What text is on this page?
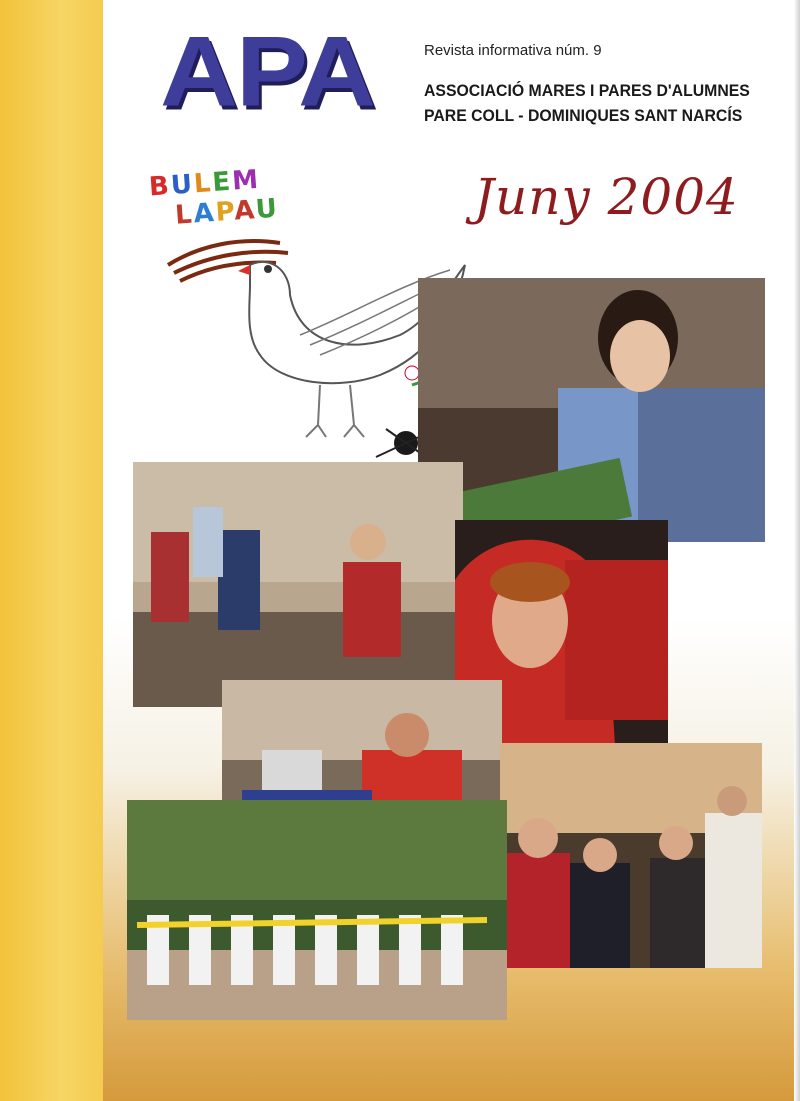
APA	Revista informativa núm. 9
ASSOCIACIÓ MARES I PARES D'ALUMNES
PARE COLL - DOMINIQUES SANT NARCÍS
Juny 2004
BULEM
LAPAU
